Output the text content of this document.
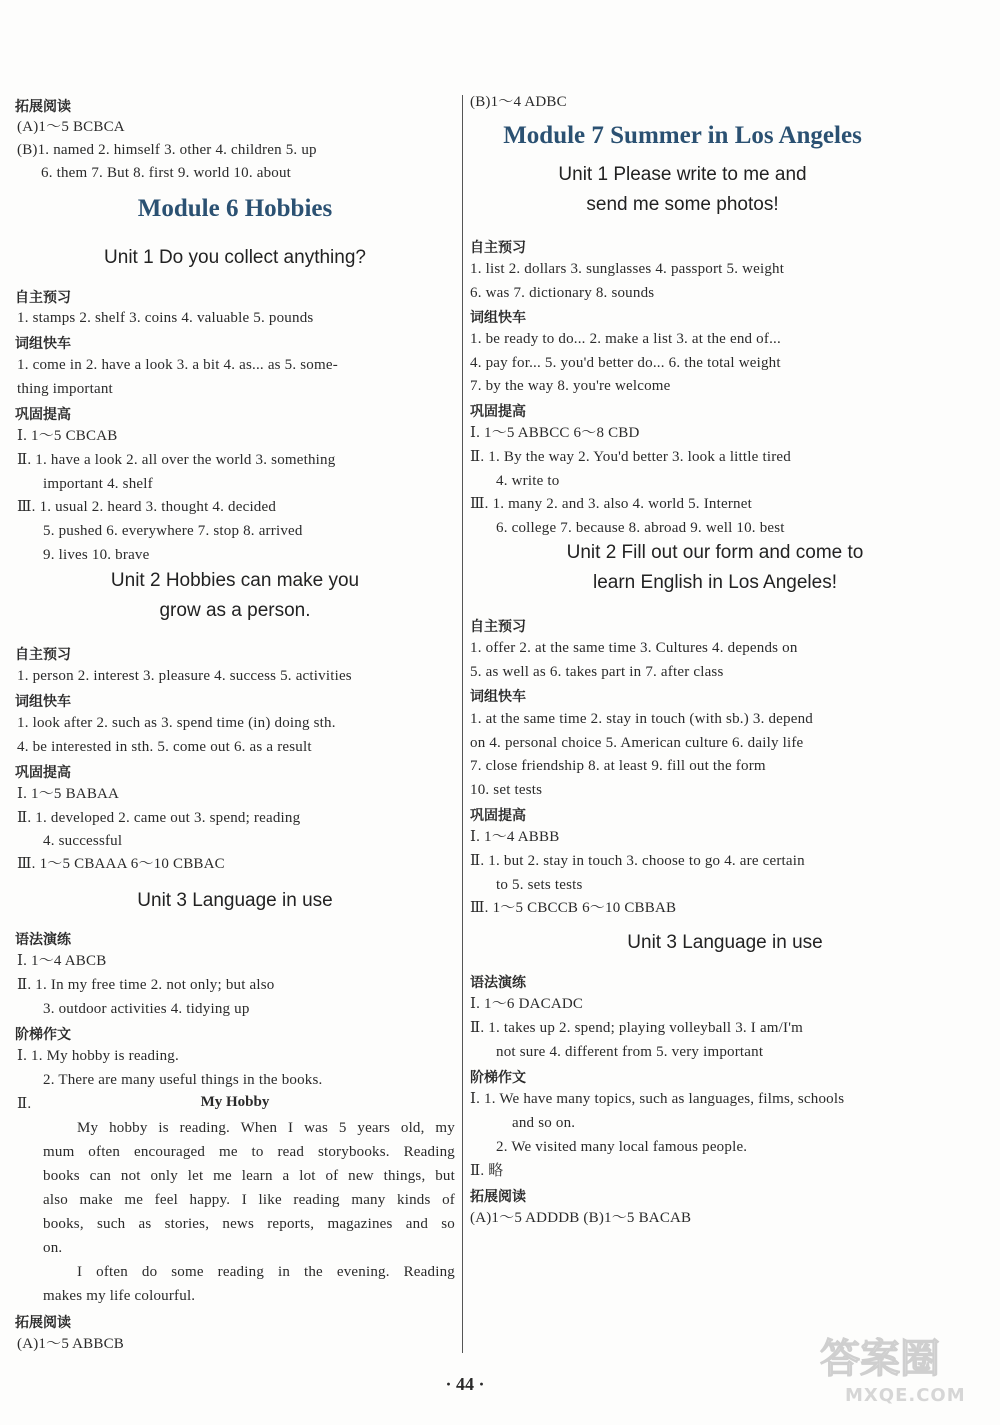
拓展阅读
(A)1～5 BCBCA
(B)1. named 2. himself 3. other 4. children 5. up
6. them 7. But 8. first 9. world 10. about
Module 6 Hobbies
Unit 1 Do you collect anything?
自主预习
1. stamps 2. shelf 3. coins 4. valuable 5. pounds
词组快车
1. come in 2. have a look 3. a bit 4. as... as 5. some-
thing important
巩固提高
Ⅰ. 1～5 CBCAB
Ⅱ. 1. have a look 2. all over the world 3. something
important 4. shelf
Ⅲ. 1. usual 2. heard 3. thought 4. decided
5. pushed 6. everywhere 7. stop 8. arrived
9. lives 10. brave
Unit 2 Hobbies can make you
grow as a person.
自主预习
1. person 2. interest 3. pleasure 4. success 5. activities
词组快车
1. look after 2. such as 3. spend time (in) doing sth.
4. be interested in sth. 5. come out 6. as a result
巩固提高
Ⅰ. 1～5 BABAA
Ⅱ. 1. developed 2. came out 3. spend; reading
4. successful
Ⅲ. 1～5 CBAAA 6～10 CBBAC
Unit 3 Language in use
语法演练
Ⅰ. 1～4 ABCB
Ⅱ. 1. In my free time 2. not only; but also
3. outdoor activities 4. tidying up
阶梯作文
Ⅰ. 1. My hobby is reading.
2. There are many useful things in the books.
Ⅱ.	My Hobby
My hobby is reading. When I was 5 years old, my
mum often encouraged me to read storybooks. Reading
books can not only let me learn a lot of new things, but
also make me feel happy. I like reading many kinds of
books, such as stories, news reports, magazines and so
on.
I often do some reading in the evening. Reading
makes my life colourful.
拓展阅读
(A)1～5 ABBCB
(B)1～4 ADBC
Module 7 Summer in Los Angeles
Unit 1 Please write to me and
send me some photos!
自主预习
1. list 2. dollars 3. sunglasses 4. passport 5. weight
6. was 7. dictionary 8. sounds
词组快车
1. be ready to do... 2. make a list 3. at the end of...
4. pay for... 5. you'd better do... 6. the total weight
7. by the way 8. you're welcome
巩固提高
Ⅰ. 1～5 ABBCC 6～8 CBD
Ⅱ. 1. By the way 2. You'd better 3. look a little tired
4. write to
Ⅲ. 1. many 2. and 3. also 4. world 5. Internet
6. college 7. because 8. abroad 9. well 10. best
Unit 2 Fill out our form and come to
learn English in Los Angeles!
自主预习
1. offer 2. at the same time 3. Cultures 4. depends on
5. as well as 6. takes part in 7. after class
词组快车
1. at the same time 2. stay in touch (with sb.) 3. depend
on 4. personal choice 5. American culture 6. daily life
7. close friendship 8. at least 9. fill out the form
10. set tests
巩固提高
Ⅰ. 1～4 ABBB
Ⅱ. 1. but 2. stay in touch 3. choose to go 4. are certain
to 5. sets tests
Ⅲ. 1～5 CBCCB 6～10 CBBAB
Unit 3 Language in use
语法演练
Ⅰ. 1～6 DACADC
Ⅱ. 1. takes up 2. spend; playing volleyball 3. I am/I'm
not sure 4. different from 5. very important
阶梯作文
Ⅰ. 1. We have many topics, such as languages, films, schools
and so on.
2. We visited many local famous people.
Ⅱ. 略
拓展阅读
(A)1～5 ADDDB (B)1～5 BACAB
· 44 ·
答案圈
MXQE.COM
